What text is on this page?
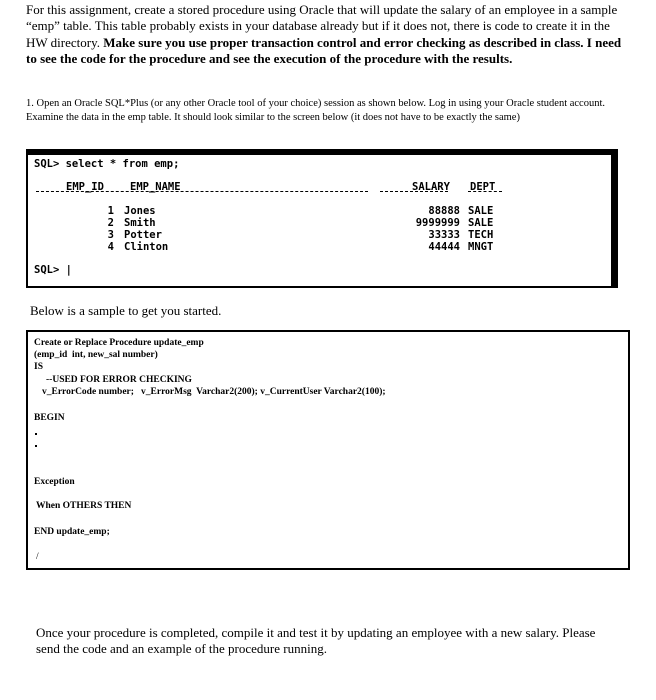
For this assignment, create a stored procedure using Oracle that will update the salary of an employee in a sample “emp” table. This table probably exists in your database already but if it does not, there is code to create it in the HW directory. Make sure you use proper transaction control and error checking as described in class. I need to see the code for the procedure and see the execution of the procedure with the results.
1. Open an Oracle SQL*Plus (or any other Oracle tool of your choice) session as shown below. Log in using your Oracle student account. Examine the data in the emp table. It should look similar to the screen below (it does not have to be exactly the same)
SQL> select * from emp;
EMP_ID EMP_NAME	SALARY DEPT
1 Jones	88888 SALE
2 Smith	9999999 SALE
3 Potter	33333 TECH
4 Clinton	44444 MNGT
SQL> |
Below is a sample to get you started.
Create or Replace Procedure update_emp
(emp_id  int, new_sal number)
IS
--USED FOR ERROR CHECKING
v_ErrorCode number;   v_ErrorMsg  Varchar2(200); v_CurrentUser Varchar2(100);
BEGIN
Exception
When OTHERS THEN
END update_emp;
/
Once your procedure is completed, compile it and test it by updating an employee with a new salary. Please send the code and an example of the procedure running.
